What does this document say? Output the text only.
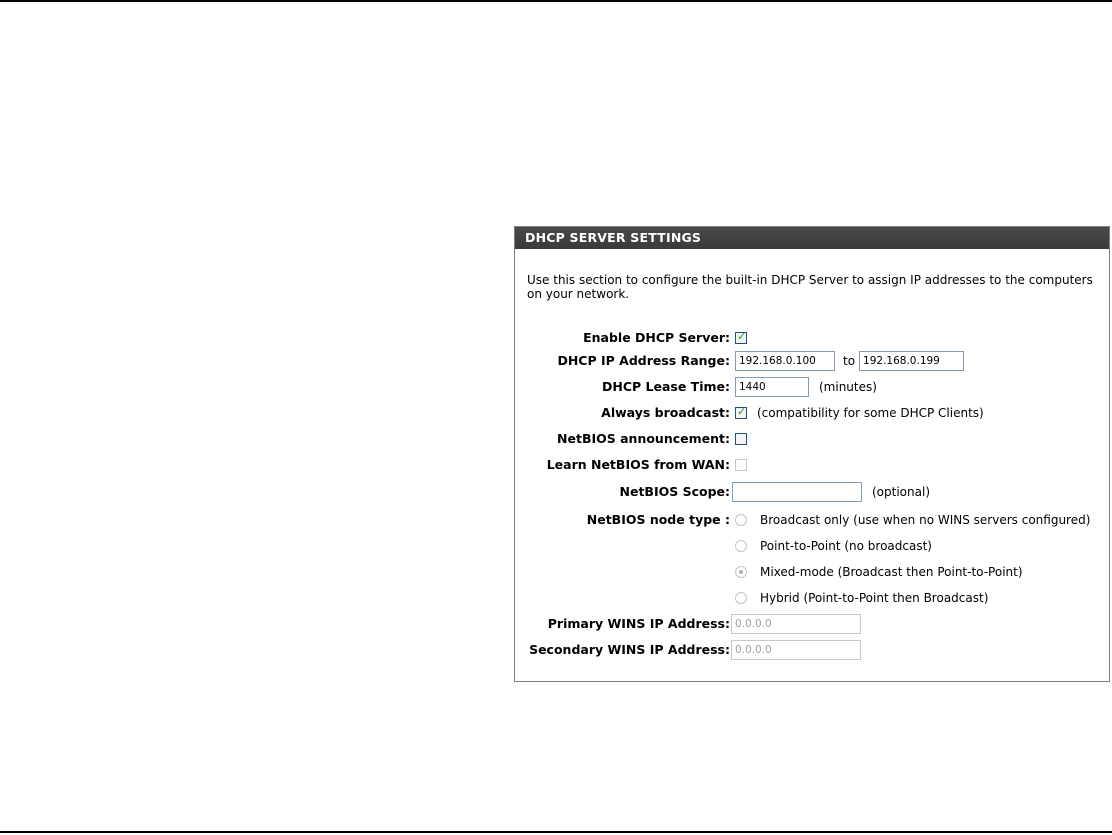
DHCP SERVER SETTINGS
Use this section to configure the built-in DHCP Server to assign IP addresses to the computers on your network.
Enable DHCP Server: ✓
DHCP IP Address Range:
192.168.0.100	to
192.168.0.199
DHCP Lease Time:
1440	(minutes)
Always broadcast: ✓ (compatibility for some DHCP Clients)
NetBIOS announcement:
Learn NetBIOS from WAN:
NetBIOS Scope:	(optional)
NetBIOS node type :	Broadcast only (use when no WINS servers configured)
Point-to-Point (no broadcast)
Mixed-mode (Broadcast then Point-to-Point)
Hybrid (Point-to-Point then Broadcast)
Primary WINS IP Address:
0.0.0.0
Secondary WINS IP Address:
0.0.0.0
